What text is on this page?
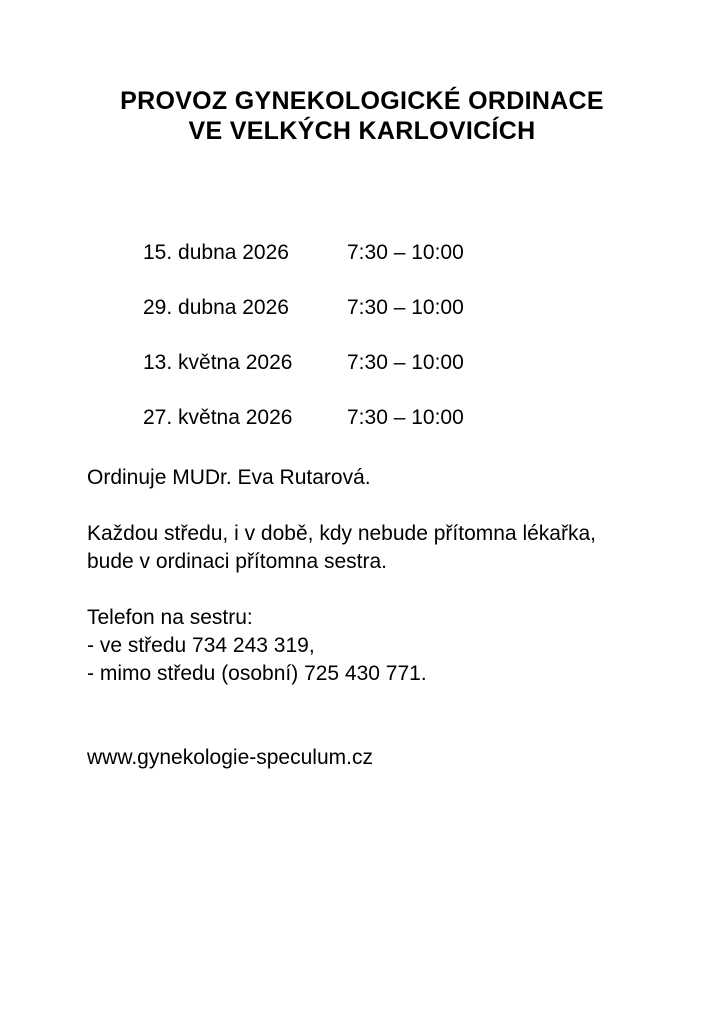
PROVOZ GYNEKOLOGICKÉ ORDINACE
VE VELKÝCH KARLOVICÍCH
15. dubna 2026	7:30 – 10:00
29. dubna 2026	7:30 – 10:00
13. května 2026	7:30 – 10:00
27. května 2026	7:30 – 10:00
Ordinuje MUDr. Eva Rutarová.
Každou středu, i v době, kdy nebude přítomna lékařka,
bude v ordinaci přítomna sestra.
Telefon na sestru:
- ve středu 734 243 319,
- mimo středu (osobní) 725 430 771.
www.gynekologie-speculum.cz
